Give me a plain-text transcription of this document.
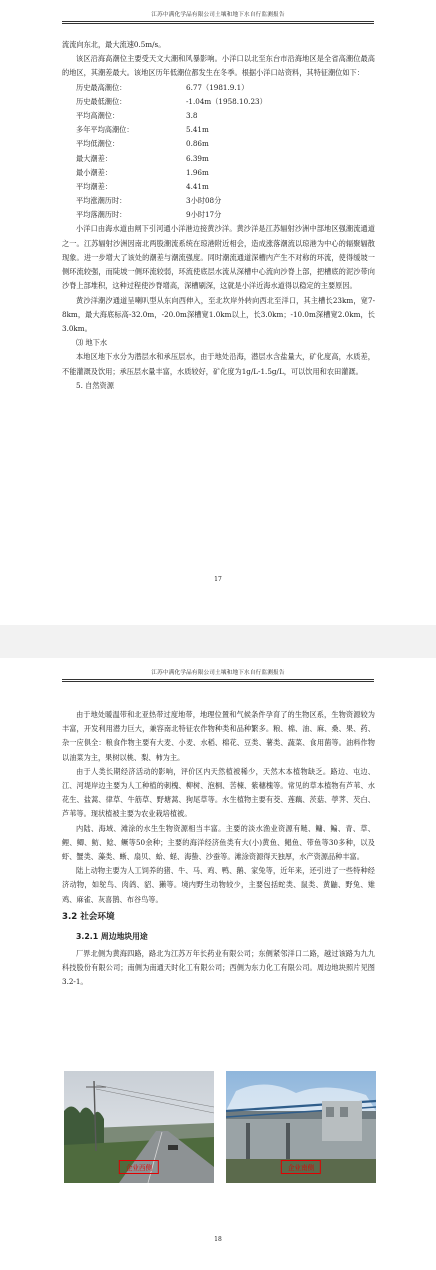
江苏中满化学品有限公司土壤和地下水自行监测报告

流流向东北，最大流速0.5m/s。

该区沿海高潮位主要受天文大潮和风暴影响。小洋口以北至东台市沿海地区是全省高潮位最高的地区，其潮差最大。该地区历年低潮位都发生在冬季。根据小洋口站资料，其特征潮位如下：

历史最高潮位：	6.77（1981.9.1）
历史最低潮位：	-1.04m（1958.10.23）
平均高潮位：	3.8
多年平均高潮位：	5.41m
平均低潮位：	0.86m
最大潮差：	6.39m
最小潮差：	1.96m
平均潮差：	4.41m
平均涨潮历时：	3小时08分
平均落潮历时：	9小时17分

小洋口由海水道由闸下引河通小洋港边接黄沙洋。黄沙洋是江苏辐射沙洲中部地区强潮流通道之一。江苏辐射沙洲因南北两股潮流系统在琼港附近相会，造成涨落潮流以琼港为中心的辐聚辐散现象。进一步增大了该处的潮差与潮流强度。同时潮流通道深槽内产生不对称的环流，使得缓坡一侧环流较强，而陡坡一侧环流较弱，环流使底层水流从深槽中心流向沙脊上部，把槽底的泥沙带向沙脊上部堆积，这种过程使沙脊增高，深槽刷深，这就是小洋近海水道得以稳定的主要原因。

黄沙洋潮汐通道呈喇叭型从东向西伸入，至北坎岸外转向西北至洋口，其主槽长23km，宽7-8km，最大海底标高-32.0m，-20.0m深槽宽1.0km以上，长3.0km；-10.0m深槽宽2.0km，长3.0km。

⑶ 地下水

本地区地下水分为潜层水和承压层水，由于地处沿海，潜层水含盐量大，矿化度高，水质差，不能灌溉及饮用；承压层水量丰富，水质较好，矿化度为1g/L-1.5g/L，可以饮用和农田灌溉。

5. 自然资源

17
江苏中满化学品有限公司土壤和地下水自行监测报告

由于地处暖温带和北亚热带过度地带，地理位置和气候条件孕育了的生物区系，生物资源较为丰富，开发利用潜力巨大，兼容南北特征农作物种类和品种繁多。粮、棉、油、麻、桑、果、药、杂一应俱全：粮食作物主要有大麦、小麦、水稻、棉花、豆类、薯类、蔬菜、食用菌等。油料作物以油菜为主，果树以桃、梨、柿为主。

由于人类长期经济活动的影响，评价区内天然植被稀少，天然木本植物缺乏。路边、屯边、江、河堤岸边主要为人工种植的刺槐、柳树、泡桐、苦楝、紫穗槐等。常见的草本植物有芦苇、水花生、盐蒿、律草、牛筋草、野塘蒿、狗尾草等。水生植物主要有茭、莲藕、茨菇、荸荠、芡白、芦苇等。现状植被主要为农业栽培植被。

内陆、海域、滩涂的水生生物资源相当丰富。主要的淡水渔业资源有鲢、鳙、鳊、青、草、鲤、鲫、鲂、鲶、鳜等50余种；主要的海洋经济鱼类有大(小)黄鱼、鲳鱼、带鱼等30多种，以及虾、蟹类、藻类、蜥、扇贝、蛤、蛏、海蛰、沙蚕等。滩涂资源得天独厚，水产资源品种丰富。

陆上动物主要为人工饲养的猪、牛、马、鸡、鸭、鹅、家兔等，近年来，还引进了一些特种经济动物，如鸵鸟、肉鸽、貂、獭等。境内野生动物较少，主要包括蛇类、鼠类、黄鼬、野兔、雉鸡、麻雀、灰喜鹊、布谷鸟等。

3.2 社会环境
3.2.1 周边地块用途

厂界北侧为黄海四路，路北为江苏万年长药业有限公司；东侧紧邻洋口二路，越过该路为九九科技股份有限公司；南侧为南通天时化工有限公司；西侧为东力化工有限公司。周边地块照片见图3.2-1。

企业西侧	企业南侧
18
